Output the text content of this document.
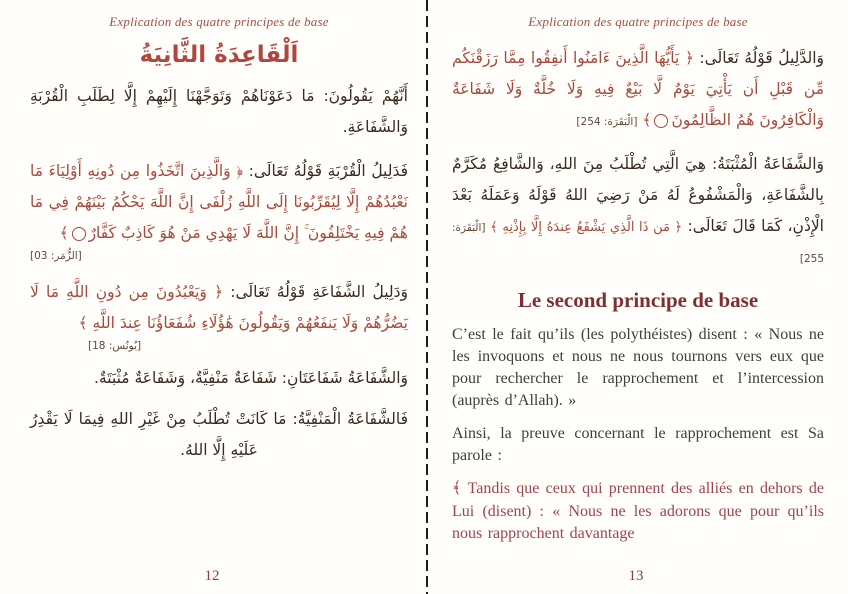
Explication des quatre principes de base
اَلْقَاعِدَةُ الثَّانِيَةُ

أَنَّهُمْ يَقُولُونَ: مَا دَعَوْنَاهُمْ وَتَوَجَّهْنَا إِلَيْهِمْ إِلَّا لِطَلَبِ الْقُرْبَةِ وَالشَّفَاعَةِ.

فَدَلِيلُ الْقُرْبَةِ قَوْلُهُ تَعَالَى: ﴿ وَالَّذِينَ اتَّخَذُوا مِن دُونِهِ أَوْلِيَاءَ مَا نَعْبُدُهُمْ إِلَّا لِيُقَرِّبُونَا إِلَى اللَّهِ زُلْفَى إِنَّ اللَّهَ يَحْكُمُ بَيْنَهُمْ فِي مَا هُمْ فِيهِ يَخْتَلِفُونَ ۚ إِنَّ اللَّهَ لَا يَهْدِي مَنْ هُوَ كَاذِبٌ كَفَّارٌ﴾

[الزُّمَر: 03]

وَدَلِيلُ الشَّفَاعَةِ قَوْلُهُ تَعَالَى: ﴿ وَيَعْبُدُونَ مِن دُونِ اللَّهِ مَا لَا يَضُرُّهُمْ وَلَا يَنفَعُهُمْ وَيَقُولُونَ هَٰؤُلَاءِ شُفَعَاؤُنَا عِندَ اللَّهِ ﴾

[يُونُس: 18]

وَالشَّفَاعَةُ شَفَاعَتَانِ: شَفَاعَةٌ مَنْفِيَّةٌ، وَشَفَاعَةٌ مُثْبَتَةٌ.

فَالشَّفَاعَةُ الْمَنْفِيَّةُ: مَا كَانَتْ تُطْلَبُ مِنْ غَيْرِ اللهِ فِيمَا لَا يَقْدِرُ عَلَيْهِ إِلَّا اللهُ.

12
Explication des quatre principes de base

وَالدَّلِيلُ قَوْلُهُ تَعَالَى: ﴿ يَأَيُّهَا الَّذِينَ ءَامَنُوا أَنفِقُوا مِمَّا رَزَقْنَكُم مِّن قَبْلِ أَن يَأْتِيَ يَوْمٌ لَّا بَيْعٌ فِيهِ وَلَا خُلَّةٌ وَلَا شَفَاعَةٌ وَالْكَافِرُونَ هُمُ الظَّالِمُونَ﴾ [الْبَقَرَة: 254]

وَالشَّفَاعَةُ الْمُثْبَتَةُ: هِيَ الَّتِي تُطْلَبُ مِنَ اللهِ، وَالشَّافِعُ مُكَرَّمٌ بِالشَّفَاعَةِ، وَالْمَشْفُوعُ لَهُ مَنْ رَضِيَ اللهُ قَوْلَهُ وَعَمَلَهُ بَعْدَ الْإِذْنِ، كَمَا قَالَ تَعَالَى: ﴿ مَن ذَا الَّذِي يَشْفَعُ عِندَهُ إِلَّا بِإِذْنِهِ ﴾ [الْبَقَرَة: 255]

Le second principe de base

C’est le fait qu’ils (les polythéistes) disent : « Nous ne les invoquons et nous ne nous tournons vers eux que pour rechercher le rapprochement et l’intercession (auprès d’Allah). »

Ainsi, la preuve concernant le rapprochement est Sa parole :

﴾ Tandis que ceux qui prennent des alliés en dehors de Lui (disent) : « Nous ne les adorons que pour qu’ils nous rapprochent davantage

13
